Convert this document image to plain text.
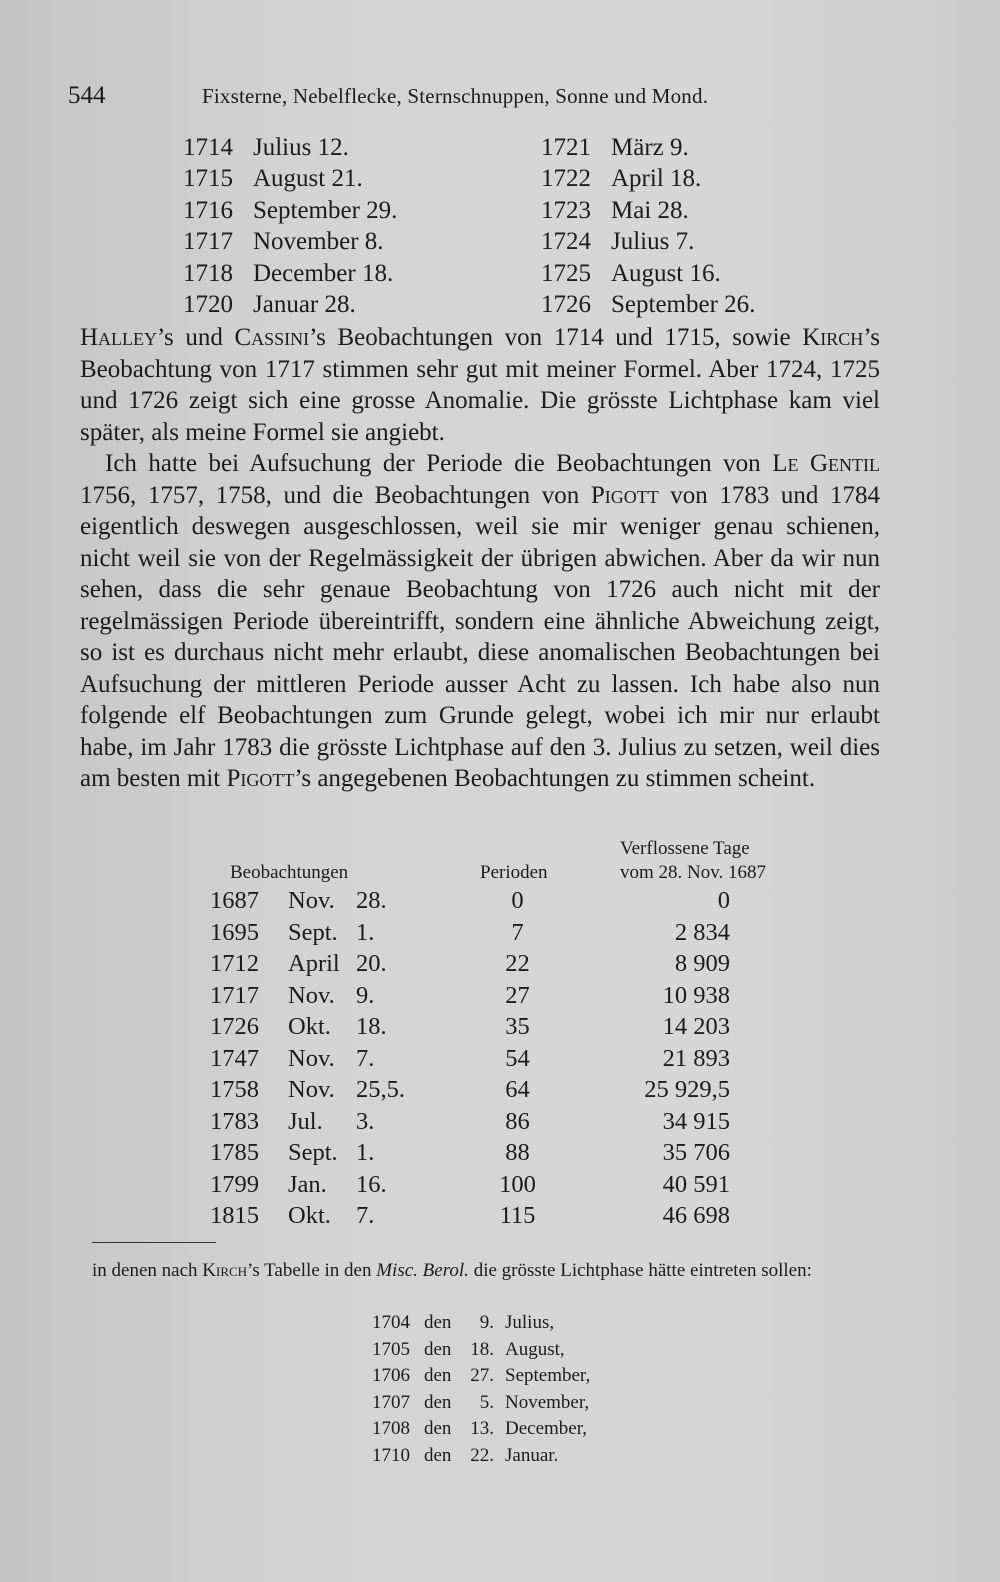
544	Fixsterne, Nebelflecke, Sternschnuppen, Sonne und Mond.
1714 Julius 12.	1721 März 9.
1715 August 21.	1722 April 18.
1716 September 29.	1723 Mai 28.
1717 November 8.	1724 Julius 7.
1718 December 18.	1725 August 16.
1720 Januar 28.	1726 September 26.

Halley’s und Cassini’s Beobachtungen von 1714 und 1715, sowie Kirch’s Beobachtung von 1717 stimmen sehr gut mit meiner Formel. Aber 1724, 1725 und 1726 zeigt sich eine grosse Anomalie. Die grösste Lichtphase kam viel später, als meine Formel sie angiebt.

 Ich hatte bei Aufsuchung der Periode die Beobachtungen von Le Gentil 1756, 1757, 1758, und die Beobachtungen von Pigott von 1783 und 1784 eigentlich deswegen ausgeschlossen, weil sie mir weniger genau schienen, nicht weil sie von der Regelmässigkeit der übrigen abwichen. Aber da wir nun sehen, dass die sehr genaue Beobachtung von 1726 auch nicht mit der regelmässigen Periode übereintrifft, sondern eine ähnliche Abweichung zeigt, so ist es durchaus nicht mehr erlaubt, diese anomalischen Beobachtungen bei Aufsuchung der mittleren Periode ausser Acht zu lassen. Ich habe also nun folgende elf Beobachtungen zum Grunde gelegt, wobei ich mir nur erlaubt habe, im Jahr 1783 die grösste Lichtphase auf den 3. Julius zu setzen, weil dies am besten mit Pigott’s angegebenen Beobachtungen zu stimmen scheint.

Beobachtungen	Perioden
Verflossene Tage
vom 28. Nov. 1687
1687 Nov. 28.	0	0
1695 Sept. 1.	7	2 834
1712 April 20.	22	8 909
1717 Nov. 9.	27	10 938
1726 Okt. 18.	35	14 203
1747 Nov. 7.	54	21 893
1758 Nov. 25,5.	64	25 929,5
1783 Jul. 3.	86	34 915
1785 Sept. 1.	88	35 706
1799 Jan. 16.	100	40 591
1815 Okt. 7.	115	46 698

in denen nach Kirch’s Tabelle in den Misc. Berol. die grösste Lichtphase hätte eintreten sollen:

1704 den	9. Julius,
1705 den 18. August,
1706 den 27. September,
1707 den	5. November,
1708 den 13. December,
1710 den 22. Januar.
